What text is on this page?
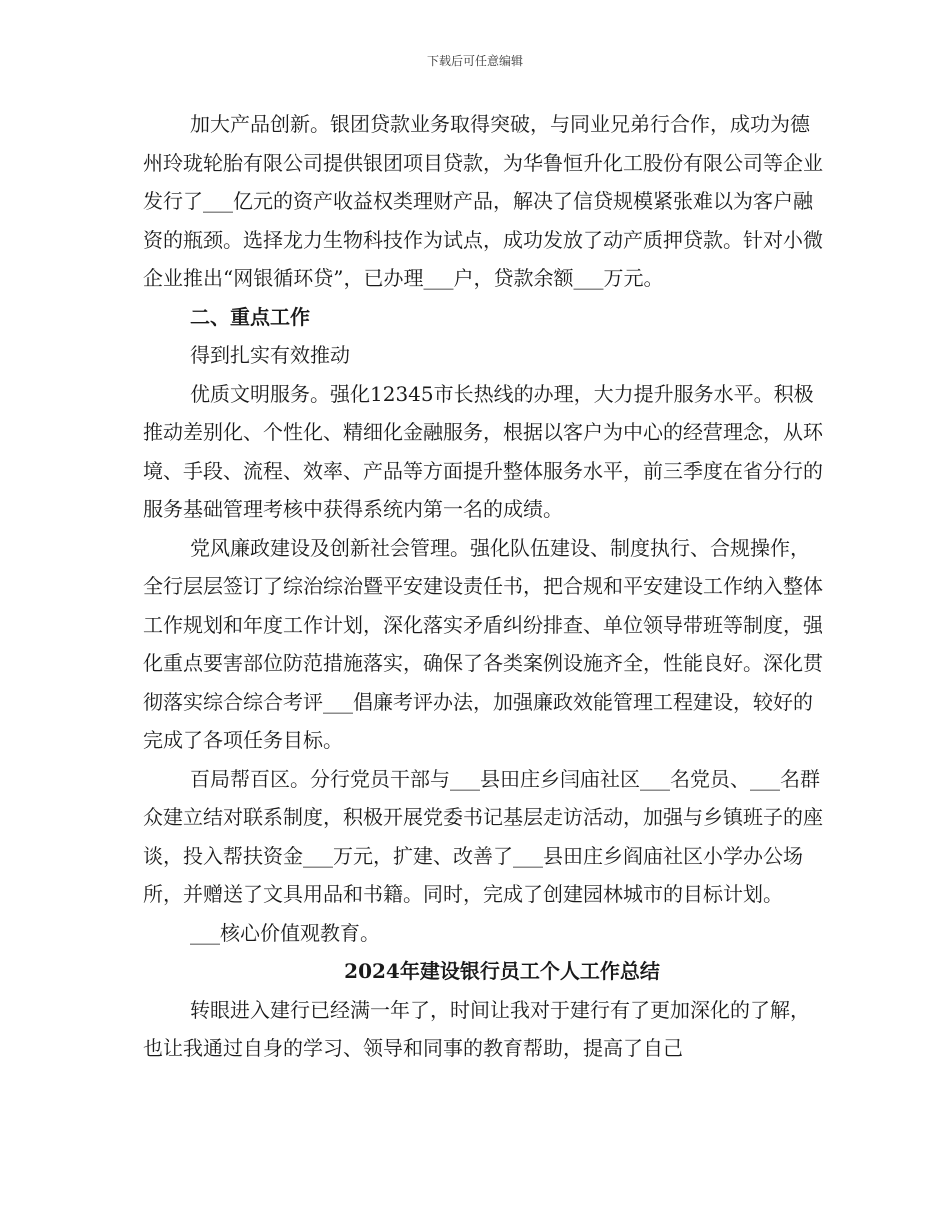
下载后可任意编辑

加大产品创新。银团贷款业务取得突破，与同业兄弟行合作，成功为德州玲珑轮胎有限公司提供银团项目贷款，为华鲁恒升化工股份有限公司等企业发行了___亿元的资产收益权类理财产品，解决了信贷规模紧张难以为客户融资的瓶颈。选择龙力生物科技作为试点，成功发放了动产质押贷款。针对小微企业推出“网银循环贷”，已办理___户，贷款余额___万元。

二、重点工作

得到扎实有效推动

优质文明服务。强化12345市长热线的办理，大力提升服务水平。积极推动差别化、个性化、精细化金融服务，根据以客户为中心的经营理念，从环境、手段、流程、效率、产品等方面提升整体服务水平，前三季度在省分行的服务基础管理考核中获得系统内第一名的成绩。

党风廉政建设及创新社会管理。强化队伍建设、制度执行、合规操作，全行层层签订了综治综治暨平安建设责任书，把合规和平安建设工作纳入整体工作规划和年度工作计划，深化落实矛盾纠纷排查、单位领导带班等制度，强化重点要害部位防范措施落实，确保了各类案例设施齐全，性能良好。深化贯彻落实综合综合考评___倡廉考评办法，加强廉政效能管理工程建设，较好的完成了各项任务目标。

百局帮百区。分行党员干部与___县田庄乡闫庙社区___名党员、___名群众建立结对联系制度，积极开展党委书记基层走访活动，加强与乡镇班子的座谈，投入帮扶资金___万元，扩建、改善了___县田庄乡阎庙社区小学办公场所，并赠送了文具用品和书籍。同时，完成了创建园林城市的目标计划。

___核心价值观教育。

2024年建设银行员工个人工作总结

转眼进入建行已经满一年了，时间让我对于建行有了更加深化的了解，也让我通过自身的学习、领导和同事的教育帮助，提高了自己
